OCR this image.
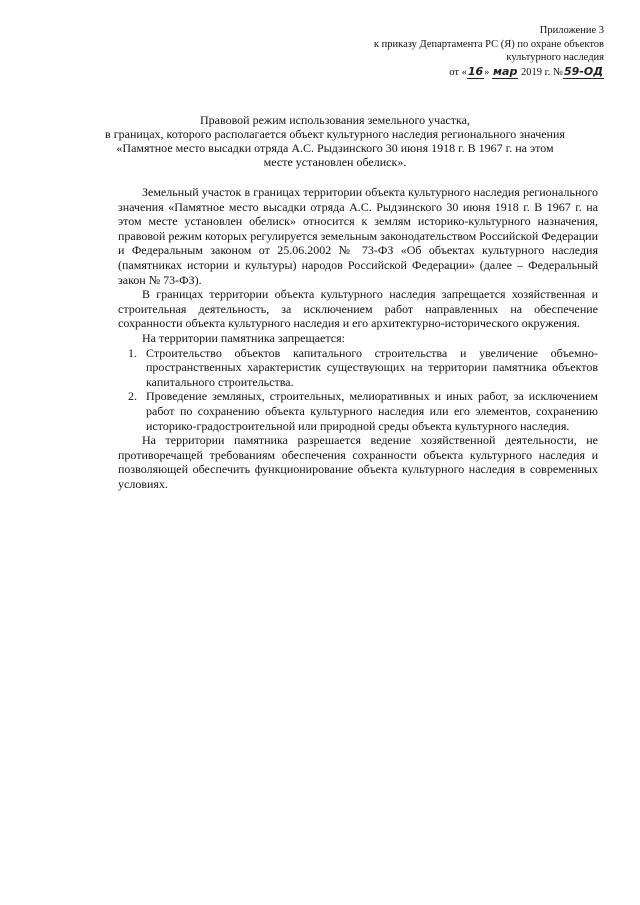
Приложение 3
к приказу Департамента РС (Я) по охране объектов
культурного наследия
от «16» мар 2019 г. №59-ОД
Правовой режим использования земельного участка,
в границах, которого располагается объект культурного наследия регионального значения
«Памятное место высадки отряда А.С. Рыдзинского 30 июня 1918 г. В 1967 г. на этом
месте установлен обелиск».

Земельный участок в границах территории объекта культурного наследия регионального значения «Памятное место высадки отряда А.С. Рыдзинского 30 июня 1918 г. В 1967 г. на этом месте установлен обелиск» относится к землям историко-культурного назначения, правовой режим которых регулируется земельным законодательством Российской Федерации и Федеральным законом от 25.06.2002 № 73-ФЗ «Об объектах культурного наследия (памятниках истории и культуры) народов Российской Федерации» (далее – Федеральный закон № 73-ФЗ).

В границах территории объекта культурного наследия запрещается хозяйственная и строительная деятельность, за исключением работ направленных на обеспечение сохранности объекта культурного наследия и его архитектурно-исторического окружения.

На территории памятника запрещается:

1. Строительство объектов капитального строительства и увеличение объемно-пространственных характеристик существующих на территории памятника объектов капитального строительства.
2. Проведение земляных, строительных, мелиоративных и иных работ, за исключением работ по сохранению объекта культурного наследия или его элементов, сохранению историко-градостроительной или природной среды объекта культурного наследия.

На территории памятника разрешается ведение хозяйственной деятельности, не противоречащей требованиям обеспечения сохранности объекта культурного наследия и позволяющей обеспечить функционирование объекта культурного наследия в современных условиях.
